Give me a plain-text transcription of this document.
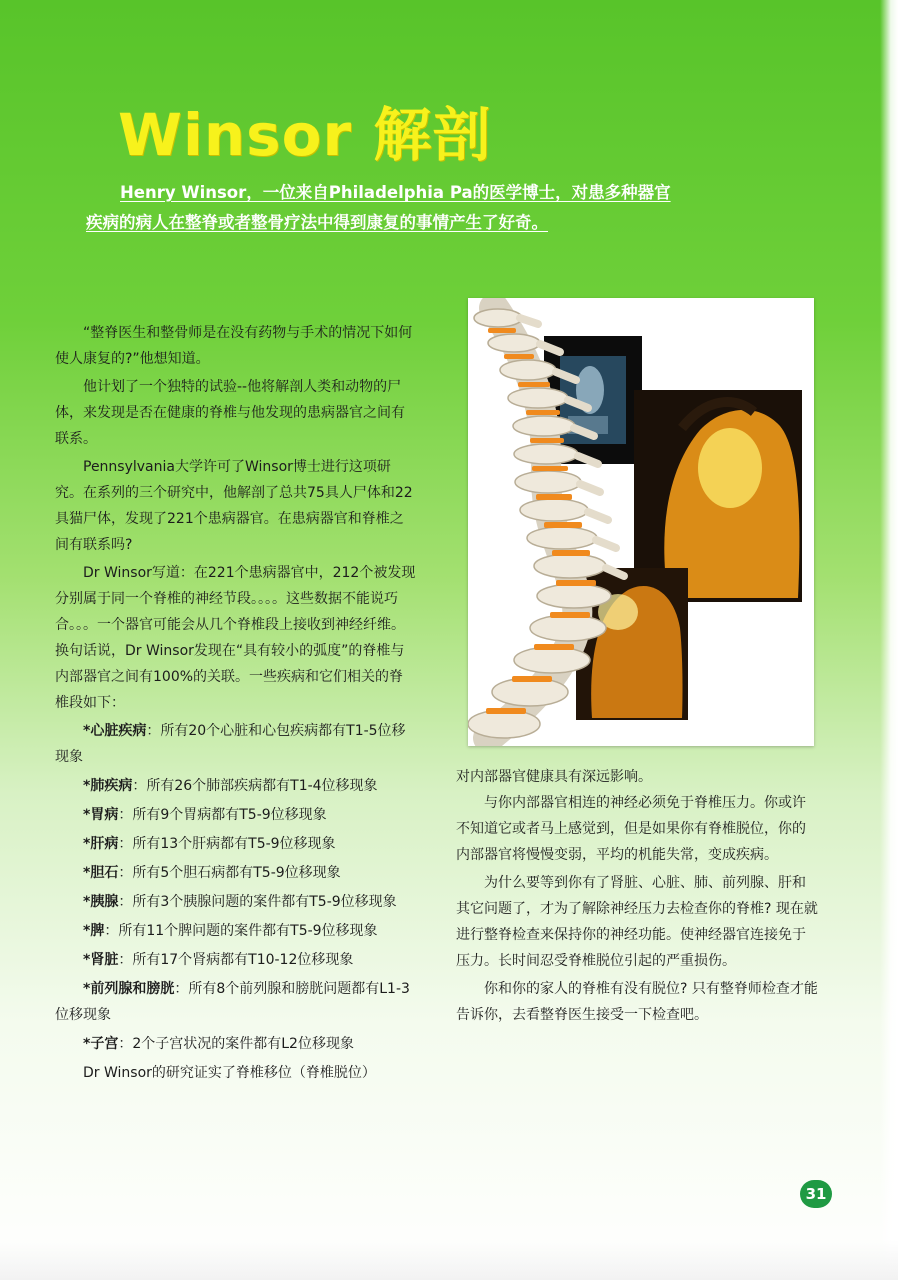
Winsor 解剖
Henry Winsor，一位来自Philadelphia Pa的医学博士，对患多种器官
疾病的病人在整脊或者整骨疗法中得到康复的事情产生了好奇。

“整脊医生和整骨师是在没有药物与手术的情况下如何使人康复的?”他想知道。

他计划了一个独特的试验--他将解剖人类和动物的尸体，来发现是否在健康的脊椎与他发现的患病器官之间有联系。

Pennsylvania大学许可了Winsor博士进行这项研究。在系列的三个研究中，他解剖了总共75具人尸体和22具猫尸体，发现了221个患病器官。在患病器官和脊椎之间有联系吗?

Dr Winsor写道：在221个患病器官中，212个被发现分别属于同一个脊椎的神经节段。。。。这些数据不能说巧合。。。一个器官可能会从几个脊椎段上接收到神经纤维。换句话说，Dr Winsor发现在“具有较小的弧度”的脊椎与内部器官之间有100%的关联。一些疾病和它们相关的脊椎段如下：

*心脏疾病：所有20个心脏和心包疾病都有T1-5位移现象

*肺疾病：所有26个肺部疾病都有T1-4位移现象

*胃病：所有9个胃病都有T5-9位移现象

*肝病：所有13个肝病都有T5-9位移现象

*胆石：所有5个胆石病都有T5-9位移现象

*胰腺：所有3个胰腺问题的案件都有T5-9位移现象

*脾：所有11个脾问题的案件都有T5-9位移现象

*肾脏：所有17个肾病都有T10-12位移现象

*前列腺和膀胱：所有8个前列腺和膀胱问题都有L1-3位移现象

*子宫：2个子宫状况的案件都有L2位移现象

Dr Winsor的研究证实了脊椎移位（脊椎脱位）

对内部器官健康具有深远影响。

与你内部器官相连的神经必须免于脊椎压力。你或许不知道它或者马上感觉到，但是如果你有脊椎脱位，你的内部器官将慢慢变弱，平均的机能失常，变成疾病。

为什么要等到你有了肾脏、心脏、肺、前列腺、肝和其它问题了，才为了解除神经压力去检查你的脊椎? 现在就进行整脊检查来保持你的神经功能。使神经器官连接免于压力。长时间忍受脊椎脱位引起的严重损伤。

你和你的家人的脊椎有没有脱位? 只有整脊师检查才能告诉你，去看整脊医生接受一下检查吧。

31
